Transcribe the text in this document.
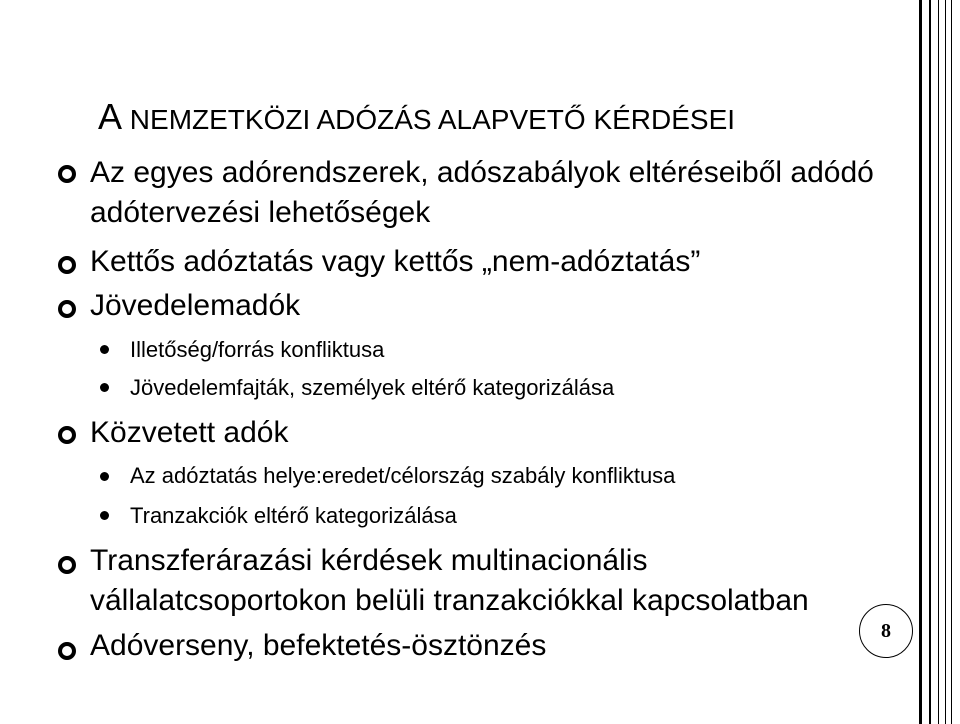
A NEMZETKÖZI ADÓZÁS ALAPVETŐ KÉRDÉSEI
Az egyes adórendszerek, adószabályok eltéréseiből adódó
adótervezési lehetőségek
Kettős adóztatás vagy kettős „nem-adóztatás”
Jövedelemadók
Illetőség/forrás konfliktusa
Jövedelemfajták, személyek eltérő kategorizálása
Közvetett adók
Az adóztatás helye:eredet/célország szabály konfliktusa
Tranzakciók eltérő kategorizálása
Transzferárazási kérdések multinacionális
vállalatcsoportokon belüli tranzakciókkal kapcsolatban
Adóverseny, befektetés-ösztönzés	8
